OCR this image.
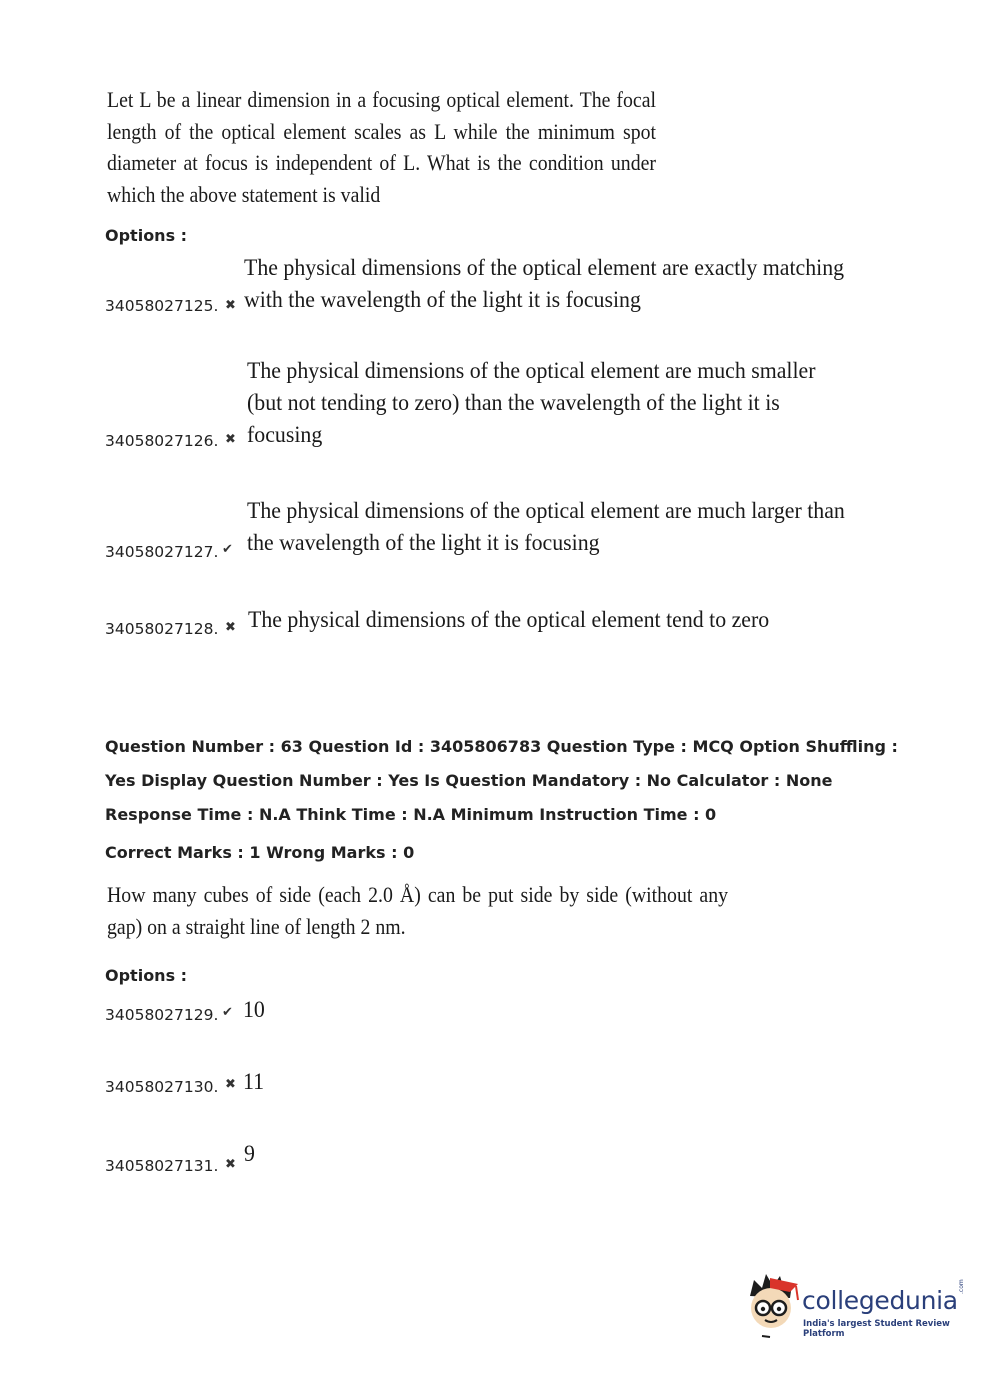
Let L be a linear dimension in a focusing optical element. The focal length of the optical element scales as L while the minimum spot diameter at focus is independent of L. What is the condition under which the above statement is valid
Options :
The physical dimensions of the optical element are exactly matching with the wavelength of the light it is focusing
34058027125. ✖
The physical dimensions of the optical element are much smaller (but not tending to zero) than the wavelength of the light it is focusing
34058027126. ✖
The physical dimensions of the optical element are much larger than the wavelength of the light it is focusing
34058027127. ✔
The physical dimensions of the optical element tend to zero
34058027128. ✖
Question Number : 63 Question Id : 3405806783 Question Type : MCQ Option Shuffling : Yes Display Question Number : Yes Is Question Mandatory : No Calculator : None Response Time : N.A Think Time : N.A Minimum Instruction Time : 0
Correct Marks : 1 Wrong Marks : 0
How many cubes of side (each 2.0 Å) can be put side by side (without any gap) on a straight line of length 2 nm.
Options :
34058027129. ✔ 10
34058027130. ✖ 11
34058027131. ✖ 9
collegedunia .com
India's largest Student Review Platform
